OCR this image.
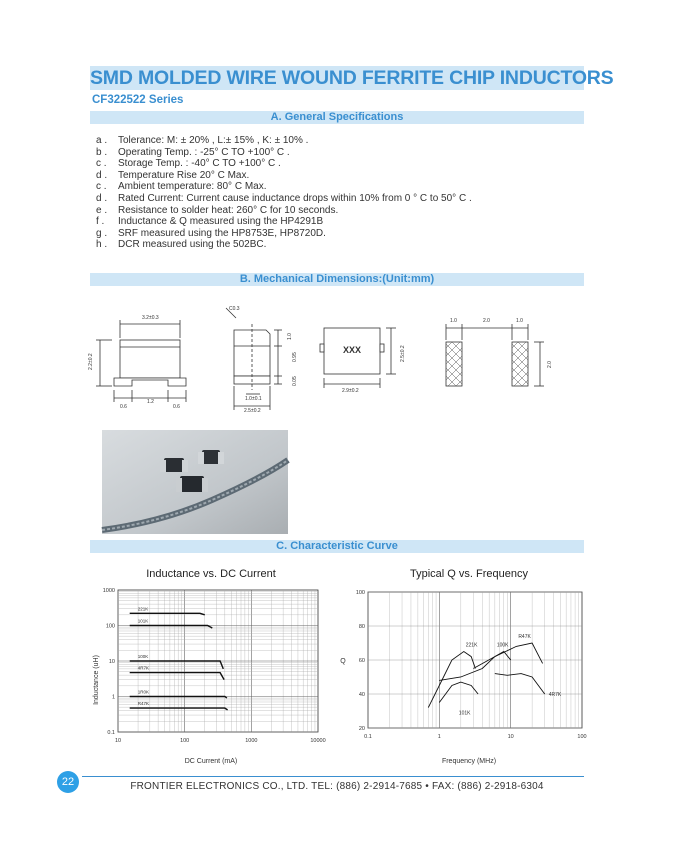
SMD MOLDED WIRE WOUND FERRITE CHIP INDUCTORS
CF322522 Series
A. General Specifications
a .	Tolerance: M: ± 20% , L:± 15% , K: ± 10% .
b .	Operating Temp. : -25° C TO +100° C .
c .	Storage Temp. : -40° C TO +100° C .
d .	Temperature Rise 20° C Max.
c .	Ambient temperature: 80° C Max.
d .	Rated Current: Current cause inductance drops within 10% from 0 ° C to 50° C .
e .	Resistance to solder heat: 260° C for 10 seconds.
f .	Inductance & Q measured using the HP4291B
g .	SRF measured using the HP8753E, HP8720D.
h .	DCR measured using the 502BC.
B. Mechanical Dimensions:(Unit:mm)
3.2±0.3
2.2±0.2
0.6
1.2
0.6
C0.3
1.0
0.95
0.05
1.0±0.1
2.5±0.2
XXX	2.5±0.2
2.9±0.2
1.0	2.0	1.0
2.0
C. Characteristic Curve
Inductance vs. DC Current
221K
101K
100K
4R7K
1R0K
R47K
10	100	1000	10000
0.1
1
10
100
1000
DC Current (mA)
Inductance (uH)
Typical Q vs. Frequency
221K	100K
R47K
101K
4R7K
0.1	1	10	100
20
40
60
80
100
Frequency (MHz)
Q
22	FRONTIER ELECTRONICS CO., LTD. TEL: (886) 2-2914-7685 • FAX: (886) 2-2918-6304
